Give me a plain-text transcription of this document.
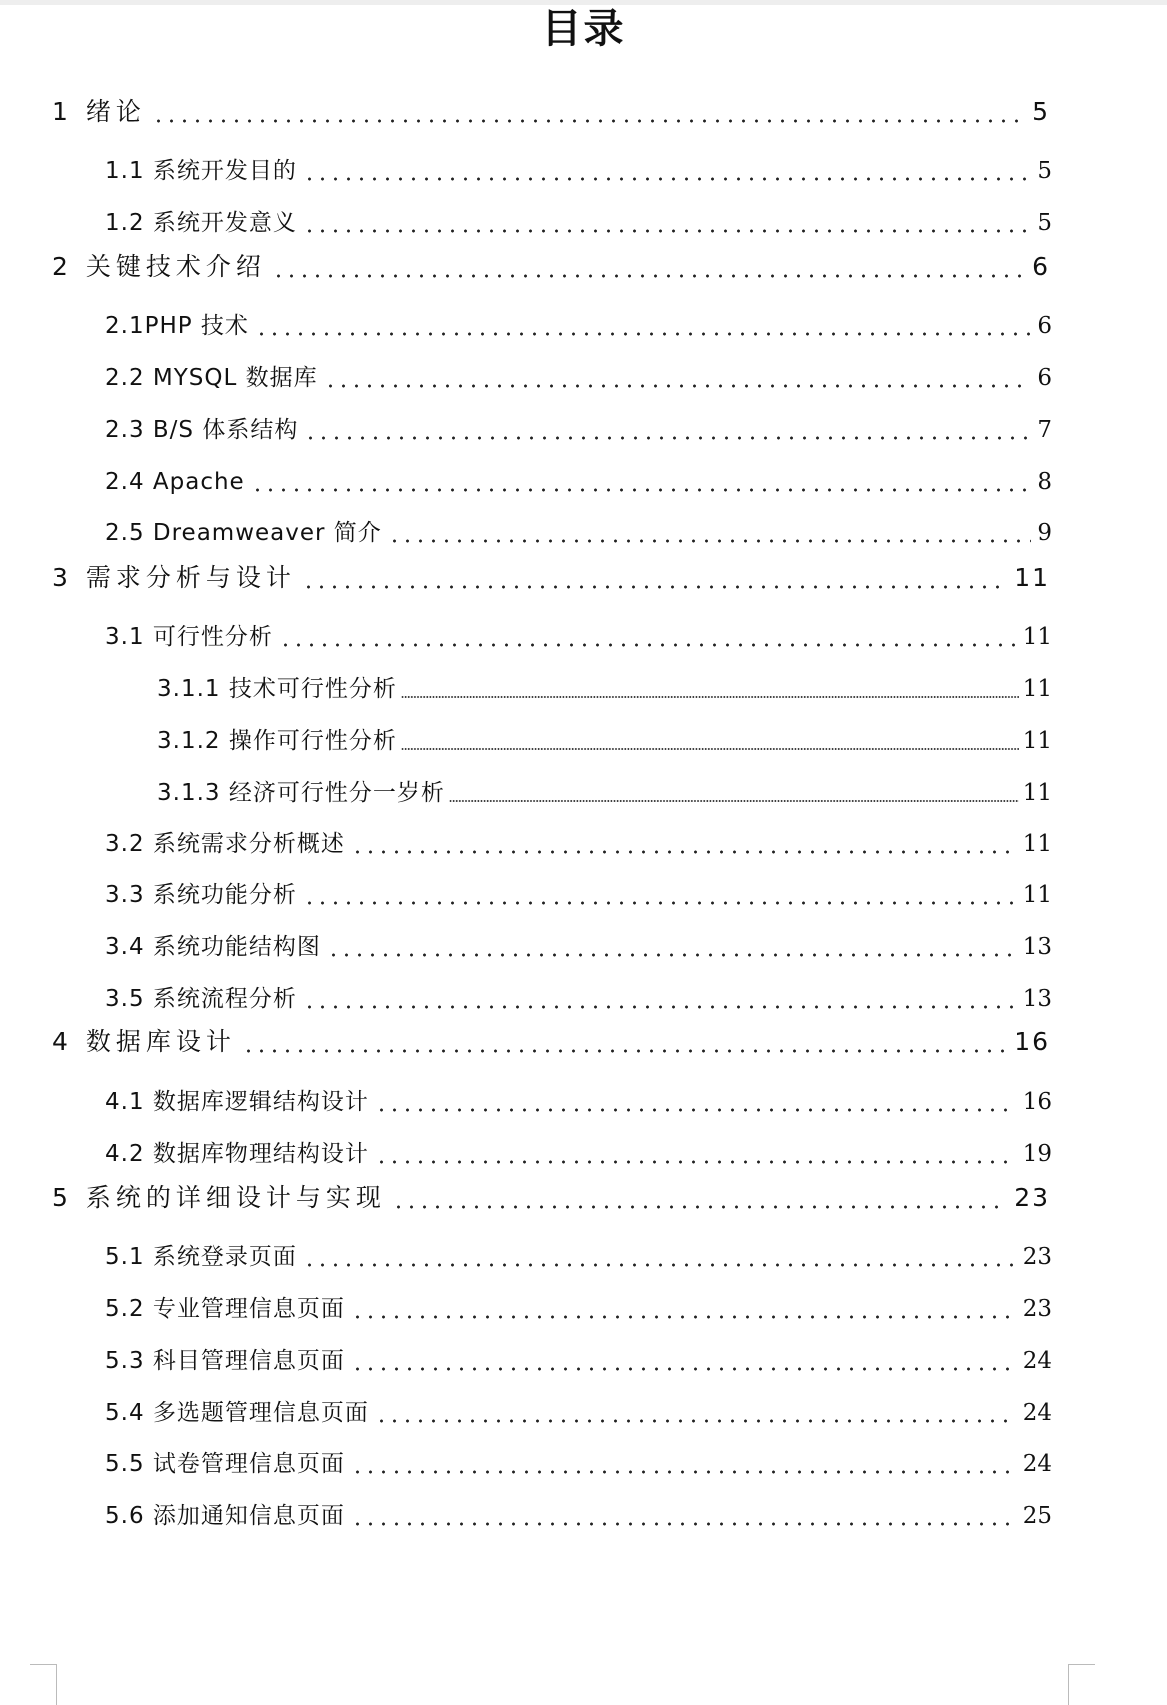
目录
1 绪论	5
1.1 系统开发目的	5
1.2 系统开发意义	5
2 关键技术介绍	6
2.1PHP 技术	6
2.2 MYSQL 数据库	6
2.3 B/S 体系结构	7
2.4 Apache	8
2.5 Dreamweaver 简介	9
3 需求分析与设计	11
3.1 可行性分析	11
3.1.1 技术可行性分析	11
3.1.2 操作可行性分析	11
3.1.3 经济可行性分一岁析	11
3.2 系统需求分析概述	11
3.3 系统功能分析	11
3.4 系统功能结构图	13
3.5 系统流程分析	13
4 数据库设计	16
4.1 数据库逻辑结构设计	16
4.2 数据库物理结构设计	19
5 系统的详细设计与实现	23
5.1 系统登录页面	23
5.2 专业管理信息页面	23
5.3 科目管理信息页面	24
5.4 多选题管理信息页面	24
5.5 试卷管理信息页面	24
5.6 添加通知信息页面	25
